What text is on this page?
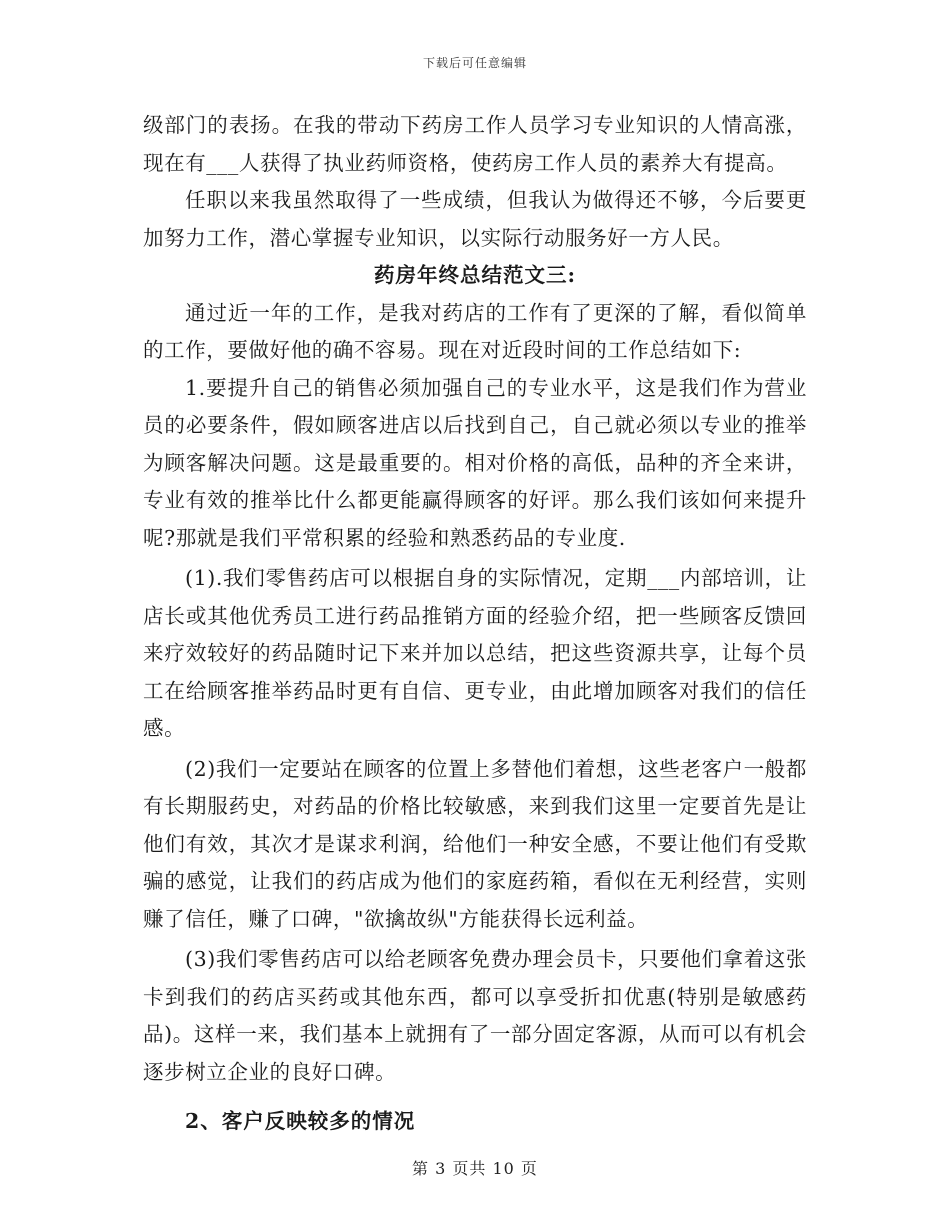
下载后可任意编辑

级部门的表扬。在我的带动下药房工作人员学习专业知识的人情高涨，现在有___人获得了执业药师资格，使药房工作人员的素养大有提高。

任职以来我虽然取得了一些成绩，但我认为做得还不够，今后要更加努力工作，潜心掌握专业知识，以实际行动服务好一方人民。

药房年终总结范文三:

通过近一年的工作，是我对药店的工作有了更深的了解，看似简单的工作，要做好他的确不容易。现在对近段时间的工作总结如下:

1.要提升自己的销售必须加强自己的专业水平，这是我们作为营业员的必要条件，假如顾客进店以后找到自己，自己就必须以专业的推举为顾客解决问题。这是最重要的。相对价格的高低，品种的齐全来讲，专业有效的推举比什么都更能赢得顾客的好评。那么我们该如何来提升呢?那就是我们平常积累的经验和熟悉药品的专业度.

(1).我们零售药店可以根据自身的实际情况，定期___内部培训，让店长或其他优秀员工进行药品推销方面的经验介绍，把一些顾客反馈回来疗效较好的药品随时记下来并加以总结，把这些资源共享，让每个员工在给顾客推举药品时更有自信、更专业，由此增加顾客对我们的信任感。

(2)我们一定要站在顾客的位置上多替他们着想，这些老客户一般都有长期服药史，对药品的价格比较敏感，来到我们这里一定要首先是让他们有效，其次才是谋求利润，给他们一种安全感，不要让他们有受欺骗的感觉，让我们的药店成为他们的家庭药箱，看似在无利经营，实则赚了信任，赚了口碑，"欲擒故纵"方能获得长远利益。

(3)我们零售药店可以给老顾客免费办理会员卡，只要他们拿着这张卡到我们的药店买药或其他东西，都可以享受折扣优惠(特别是敏感药品)。这样一来，我们基本上就拥有了一部分固定客源，从而可以有机会逐步树立企业的良好口碑。

2、客户反映较多的情况

第 3 页共 10 页
